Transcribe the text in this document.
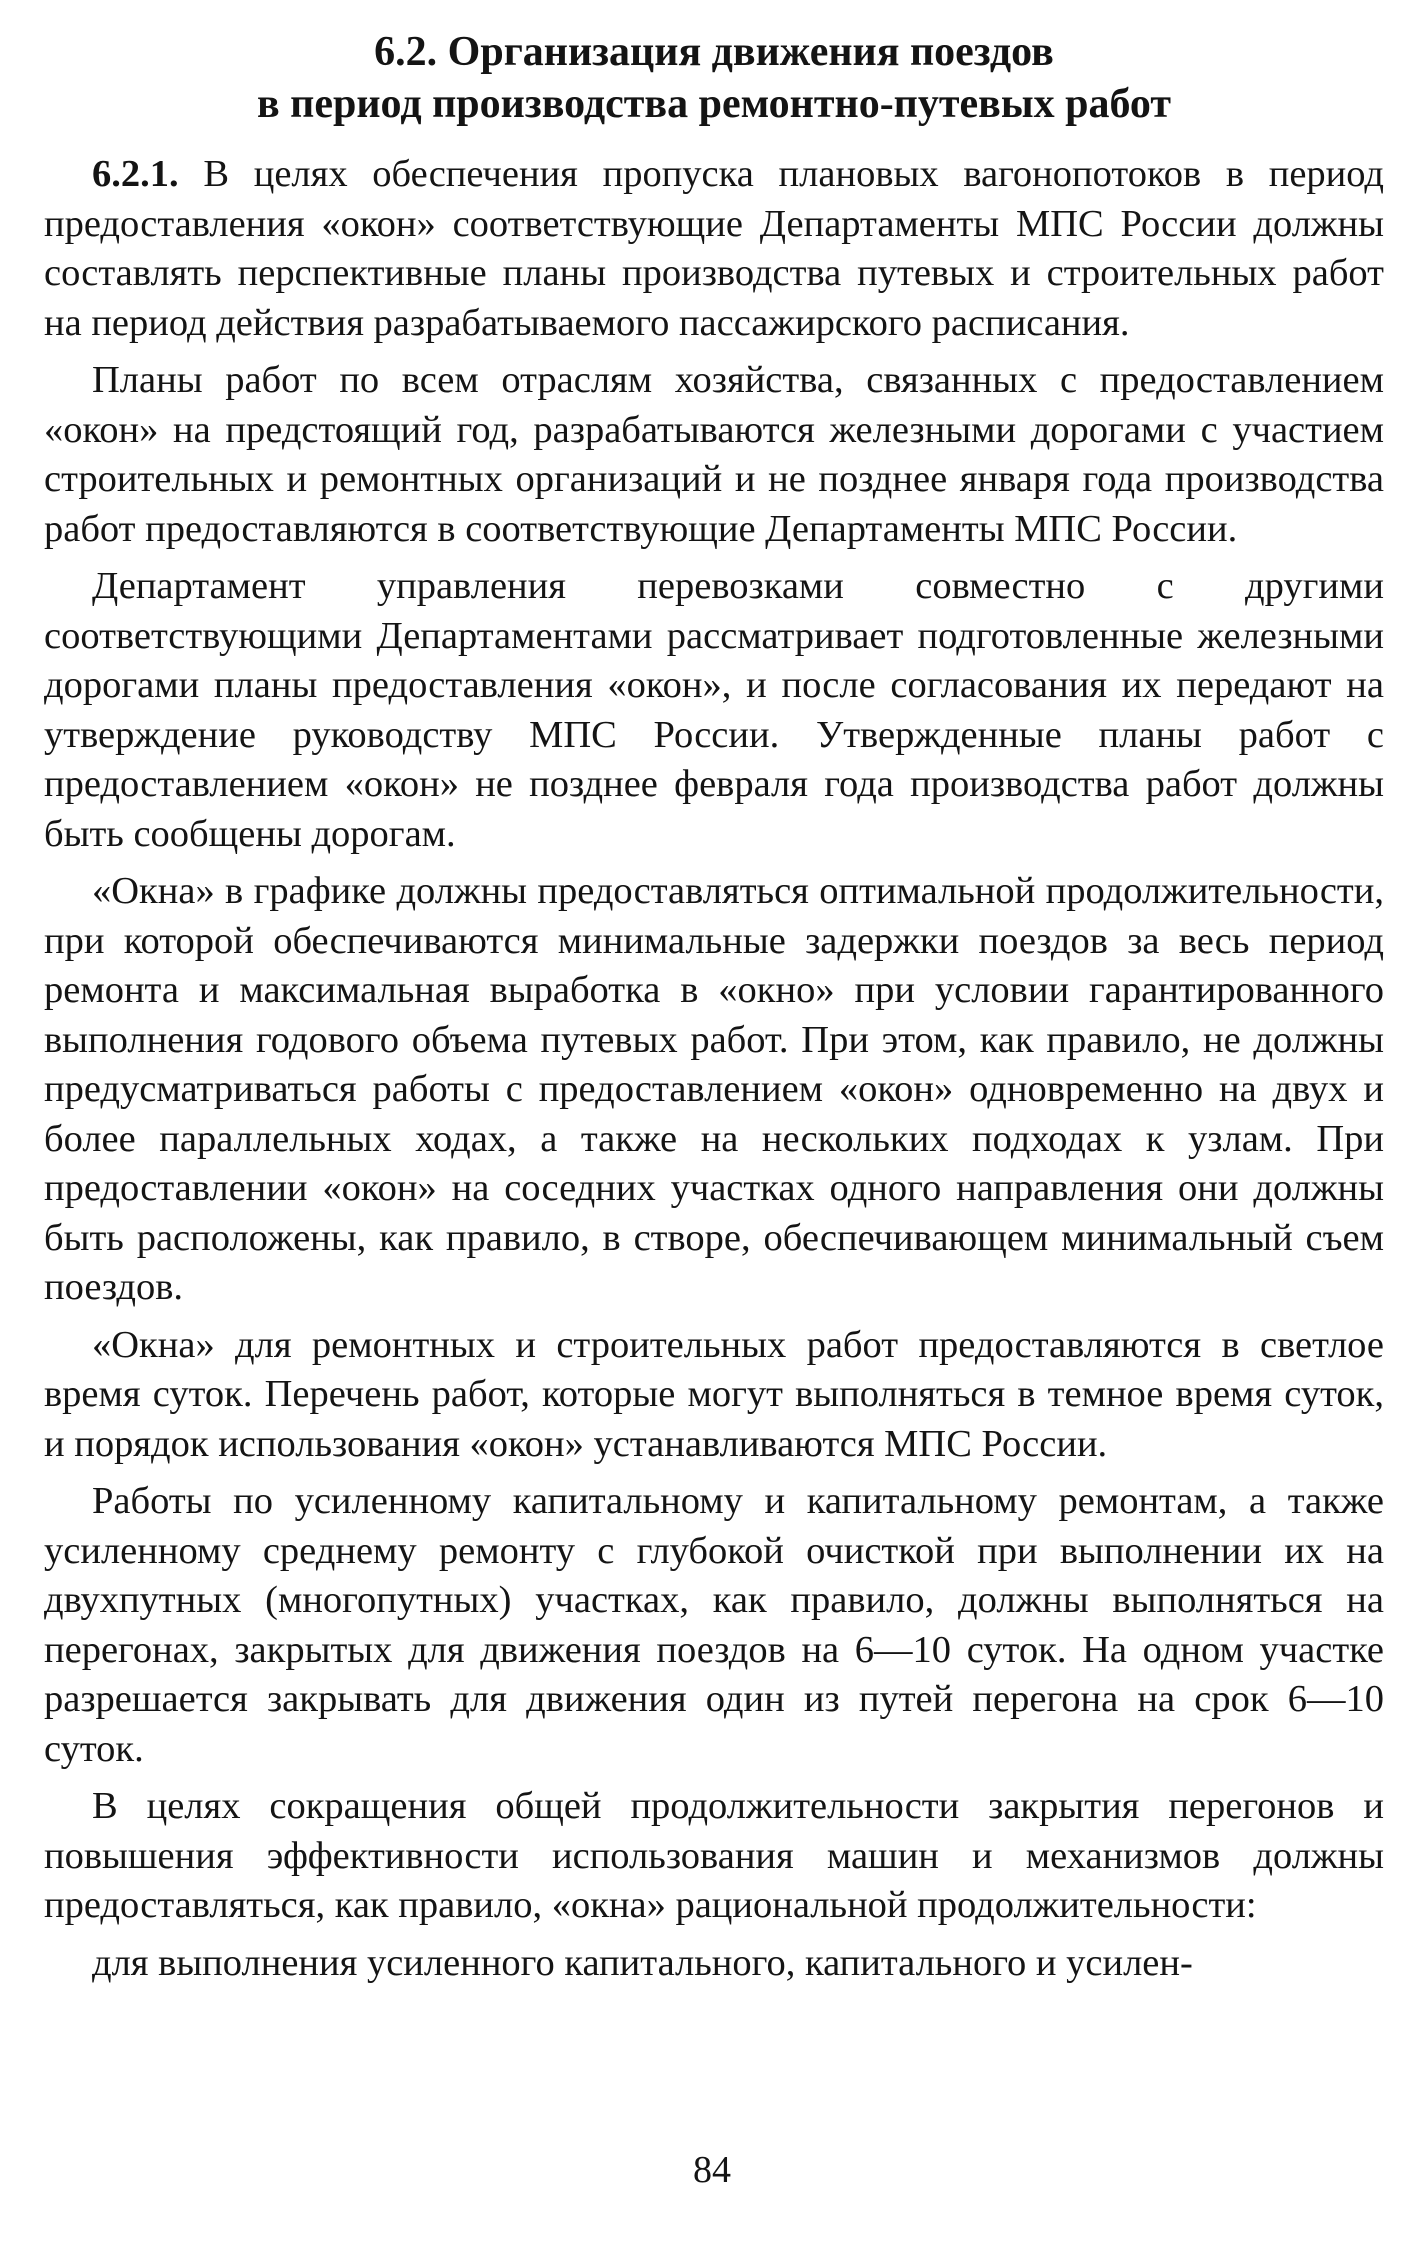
6.2. Организация движения поездов
в период производства ремонтно-путевых работ

6.2.1. В целях обеспечения пропуска плановых вагонопотоков в период предоставления «окон» соответствующие Департаменты МПС России должны составлять перспективные планы производства путевых и строительных работ на период действия разрабатываемого пассажирского расписания.

Планы работ по всем отраслям хозяйства, связанных с предоставлением «окон» на предстоящий год, разрабатываются железными дорогами с участием строительных и ремонтных организаций и не позднее января года производства работ предоставляются в соответствующие Департаменты МПС России.

Департамент управления перевозками совместно с другими соответствующими Департаментами рассматривает подготовленные железными дорогами планы предоставления «окон», и после согласования их передают на утверждение руководству МПС России. Утвержденные планы работ с предоставлением «окон» не позднее февраля года производства работ должны быть сообщены дорогам.

«Окна» в графике должны предоставляться оптимальной продолжительности, при которой обеспечиваются минимальные задержки поездов за весь период ремонта и максимальная выработка в «окно» при условии гарантированного выполнения годового объема путевых работ. При этом, как правило, не должны предусматриваться работы с предоставлением «окон» одновременно на двух и более параллельных ходах, а также на нескольких подходах к узлам. При предоставлении «окон» на соседних участках одного направления они должны быть расположены, как правило, в створе, обеспечивающем минимальный съем поездов.

«Окна» для ремонтных и строительных работ предоставляются в светлое время суток. Перечень работ, которые могут выполняться в темное время суток, и порядок использования «окон» устанавливаются МПС России.

Работы по усиленному капитальному и капитальному ремонтам, а также усиленному среднему ремонту с глубокой очисткой при выполнении их на двухпутных (многопутных) участках, как правило, должны выполняться на перегонах, закрытых для движения поездов на 6—10 суток. На одном участке разрешается закрывать для движения один из путей перегона на срок 6—10 суток.

В целях сокращения общей продолжительности закрытия перегонов и повышения эффективности использования машин и механизмов должны предоставляться, как правило, «окна» рациональной продолжительности:

для выполнения усиленного капитального, капитального и усилен-

84
